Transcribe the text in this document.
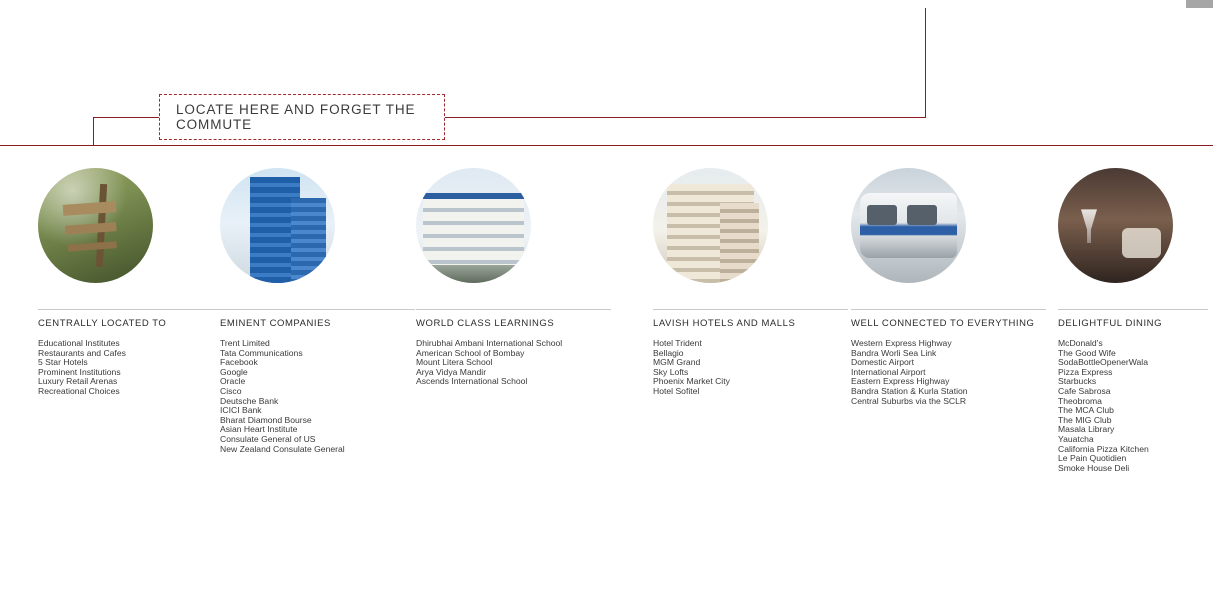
LOCATE HERE AND FORGET THE COMMUTE
CENTRALLY LOCATED TO
Educational Institutes
Restaurants and Cafes
5 Star Hotels
Prominent Institutions
Luxury Retail Arenas
Recreational Choices
EMINENT COMPANIES
Trent Limited
Tata Communications
Facebook
Google
Oracle
Cisco
Deutsche Bank
ICICI Bank
Bharat Diamond Bourse
Asian Heart Institute
Consulate General of US
New Zealand Consulate General
WORLD CLASS LEARNINGS
Dhirubhai Ambani International School
American School of Bombay
Mount Litera School
Arya Vidya Mandir
Ascends International School
LAVISH HOTELS AND MALLS
Hotel Trident
Bellagio
MGM Grand
Sky Lofts
Phoenix Market City
Hotel Sofitel
WELL CONNECTED TO EVERYTHING
Western Express Highway
Bandra Worli Sea Link
Domestic Airport
International Airport
Eastern Express Highway
Bandra Station & Kurla Station
Central Suburbs via the SCLR
DELIGHTFUL DINING
McDonald's
The Good Wife
SodaBottleOpenerWala
Pizza Express
Starbucks
Cafe Sabrosa
Theobroma
The MCA Club
The MIG Club
Masala Library
Yauatcha
California Pizza Kitchen
Le Pain Quotidien
Smoke House Deli
